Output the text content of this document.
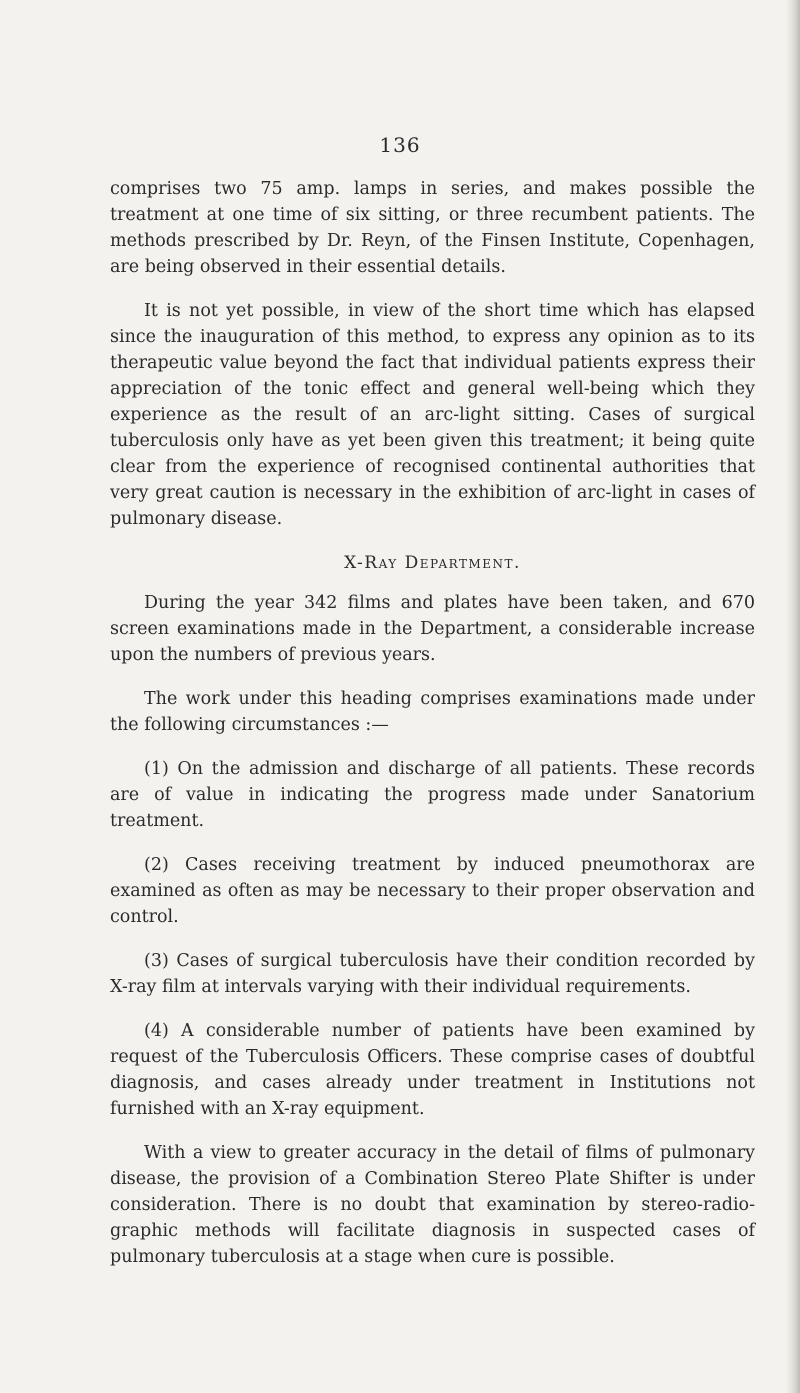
136

comprises two 75 amp. lamps in series, and makes possible the treatment at one time of six sitting, or three recumbent patients. The methods prescribed by Dr. Reyn, of the Finsen Institute, Copenhagen, are being observed in their essential details.

It is not yet possible, in view of the short time which has elapsed since the inauguration of this method, to express any opinion as to its therapeutic value beyond the fact that individual patients express their appreciation of the tonic effect and general well-being which they experience as the result of an arc-light sitting. Cases of surgical tuberculosis only have as yet been given this treatment; it being quite clear from the experience of recognised continental authorities that very great caution is necessary in the exhibition of arc-light in cases of pulmonary disease.

X-Ray Department.

During the year 342 films and plates have been taken, and 670 screen examinations made in the Department, a considerable increase upon the numbers of previous years.

The work under this heading comprises examinations made under the following circumstances :—

(1) On the admission and discharge of all patients. These records are of value in indicating the progress made under Sanatorium treatment.

(2) Cases receiving treatment by induced pneumothorax are examined as often as may be necessary to their proper observation and control.

(3) Cases of surgical tuberculosis have their condition recorded by X-ray film at intervals varying with their individual requirements.

(4) A considerable number of patients have been examined by request of the Tuberculosis Officers. These comprise cases of doubtful diagnosis, and cases already under treatment in Institutions not furnished with an X-ray equipment.

With a view to greater accuracy in the detail of films of pulmonary disease, the provision of a Combination Stereo Plate Shifter is under consideration. There is no doubt that examination by stereo-radio-graphic methods will facilitate diagnosis in suspected cases of pulmonary tuberculosis at a stage when cure is possible.
